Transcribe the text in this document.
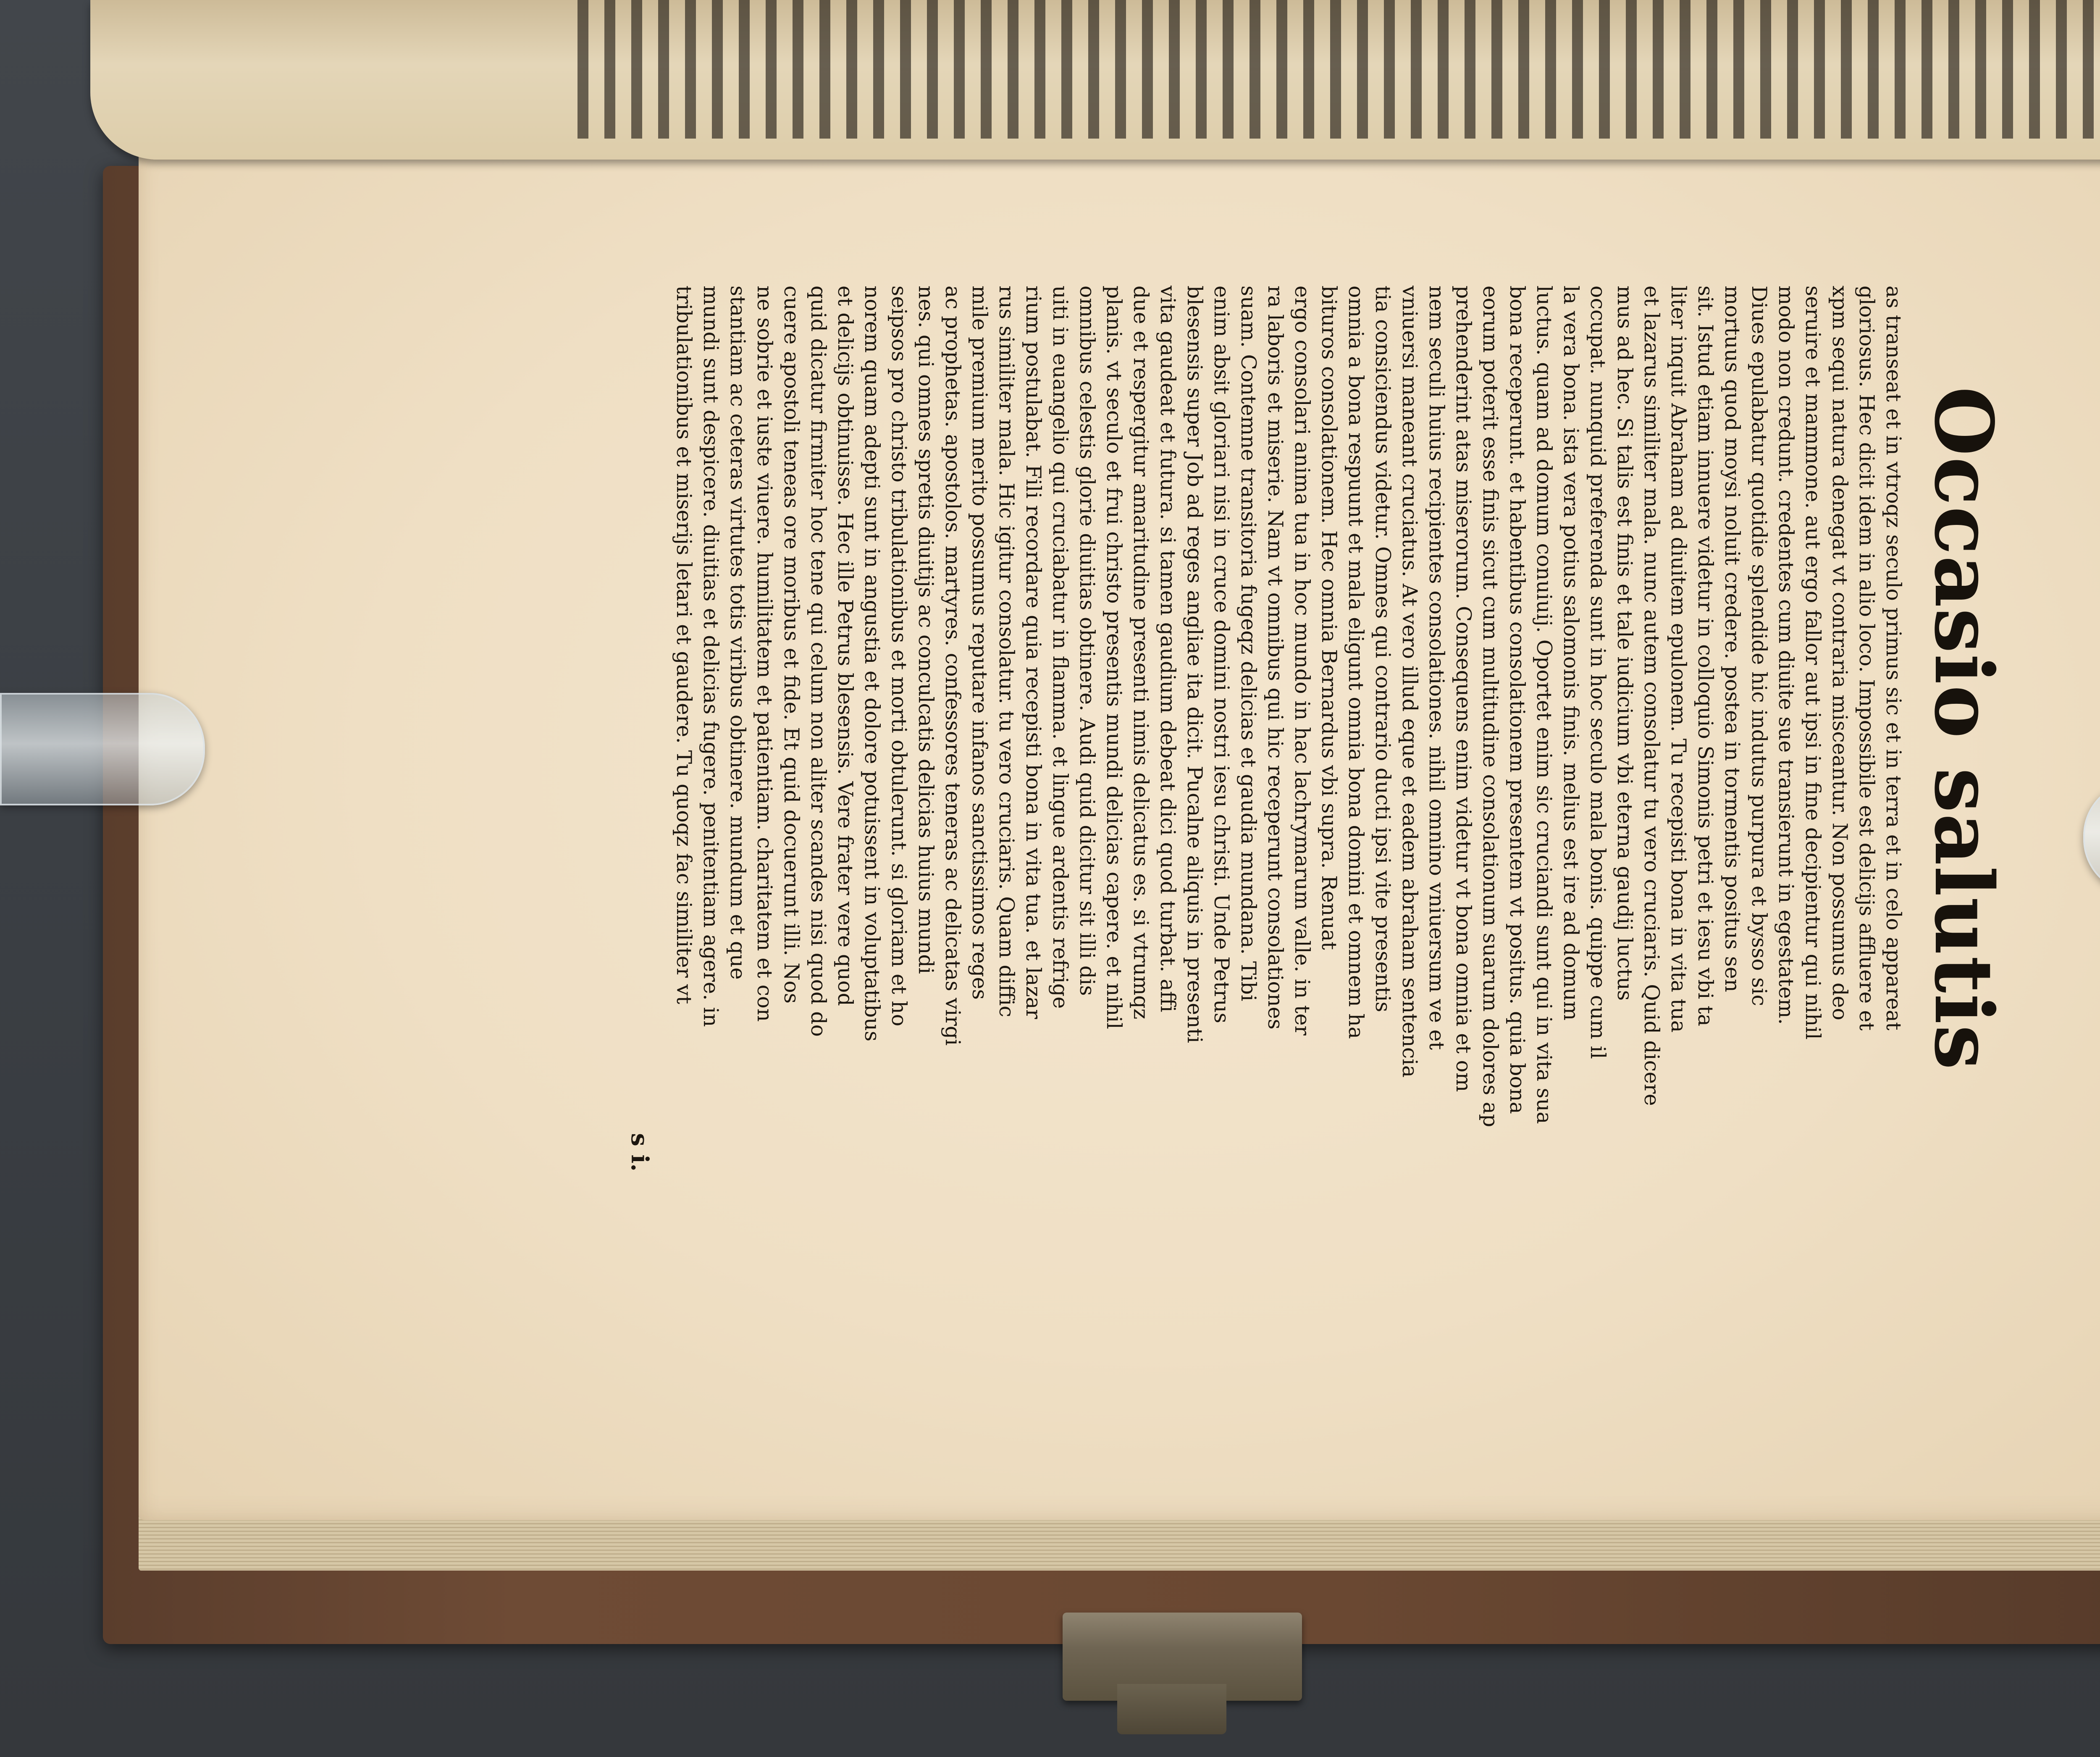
Occasio salutis
as transeat et in vtroqz seculo primus sic et in terra et in celo appareat
gloriosus. Hec dicit idem in alio loco. Impossibile est delicijs affluere et
xpm sequi natura denegat vt contraria misceantur. Non possumus deo
seruire et mammone. aut ergo fallor aut ipsi in fine decipientur qui nihil
modo non credunt. credentes cum diuite sue transierunt in egestatem.
Diues epulabatur quotidie splendide hic indutus purpura et bysso sic
mortuus quod moysi noluit credere. postea in tormentis positus sen
sit. Istud etiam innuere videtur in colloquio Simonis petri et iesu vbi ta
liter inquit Abraham ad diuitem epulonem. Tu recepisti bona in vita tua
et lazarus similiter mala. nunc autem consolatur tu vero cruciaris. Quid dicere
mus ad hec. Si talis est finis et tale iudicium vbi eterna gaudij luctus
occupat. nunquid preferenda sunt in hoc seculo mala bonis. quippe cum il
la vera bona. ista vera potius salomonis finis. melius est ire ad domum
luctus. quam ad domum conuiuij. Oportet enim sic cruciandi sunt qui in vita sua
bona receperunt. et habentibus consolationem presentem vt positus. quia bona
eorum poterit esse finis sicut cum multitudine consolationum suarum dolores ap
prehenderint atas miserorum. Consequens enim videtur vt bona omnia et om
nem seculi huius recipientes consolationes. nihil omnino vniuersum ve et
vniuersi maneant cruciatus. At vero illud eque et eadem abraham sentencia
tia consiciendus videtur. Omnes qui contrario ducti ipsi vite presentis
omnia a bona respuunt et mala eligunt omnia bona domini et omnem ha
bituros consolationem. Hec omnia Bernardus vbi supra. Renuat
ergo consolari anima tua in hoc mundo in hac lachrymarum valle. in ter
ra laboris et miserie. Nam vt omnibus qui hic receperunt consolationes
suam. Contemne transitoria fugeqz delicias et gaudia mundana. Tibi
enim absit gloriari nisi in cruce domini nostri iesu christi. Unde Petrus
blesensis super Job ad reges angliae ita dicit. Pucalne aliquis in presenti
vita gaudeat et futura. si tamen gaudium debeat dici quod turbat. affi
due et respergitur amaritudine presenti nimis delicatus es. si vtrumqz
planis. vt seculo et frui christo presentis mundi delicias capere. et nihil
omnibus celestis glorie diuitias obtinere. Audi quid dicitur sit illi dis
uiti in euangelio qui cruciabatur in flamma. et lingue ardentis refrige
rium postulabat. Fili recordare quia recepisti bona in vita tua. et lazar
rus similiter mala. Hic igitur consolatur. tu vero cruciaris. Quam diffic
mile premium merito possumus reputare infanos sanctissimos reges
ac prophetas. apostolos. martyres. confessores teneras ac delicatas virgi
nes. qui omnes spretis diuitijs ac conculcatis delicias huius mundi
seipsos pro christo tribulationibus et morti obtulerunt. si gloriam et ho
norem quam adepti sunt in angustia et dolore potuissent in voluptatibus
et delicijs obtinuisse. Hec ille Petrus blesensis. Vere frater vere quod
quid dicatur firmiter hoc tene qui celum non aliter scandes nisi quod do
cuere apostoli teneas ore moribus et fide. Et quid docuerunt illi. Nos
ne sobrie et iuste viuere. humilitatem et patientiam. charitatem et con
stantiam ac ceteras virtutes totis viribus obtinere. mundum et que
mundi sunt despicere. diuitias et delicias fugere. penitentiam agere. in
tribulationibus et miserijs letari et gaudere. Tu quoqz fac similiter vt
s i.
